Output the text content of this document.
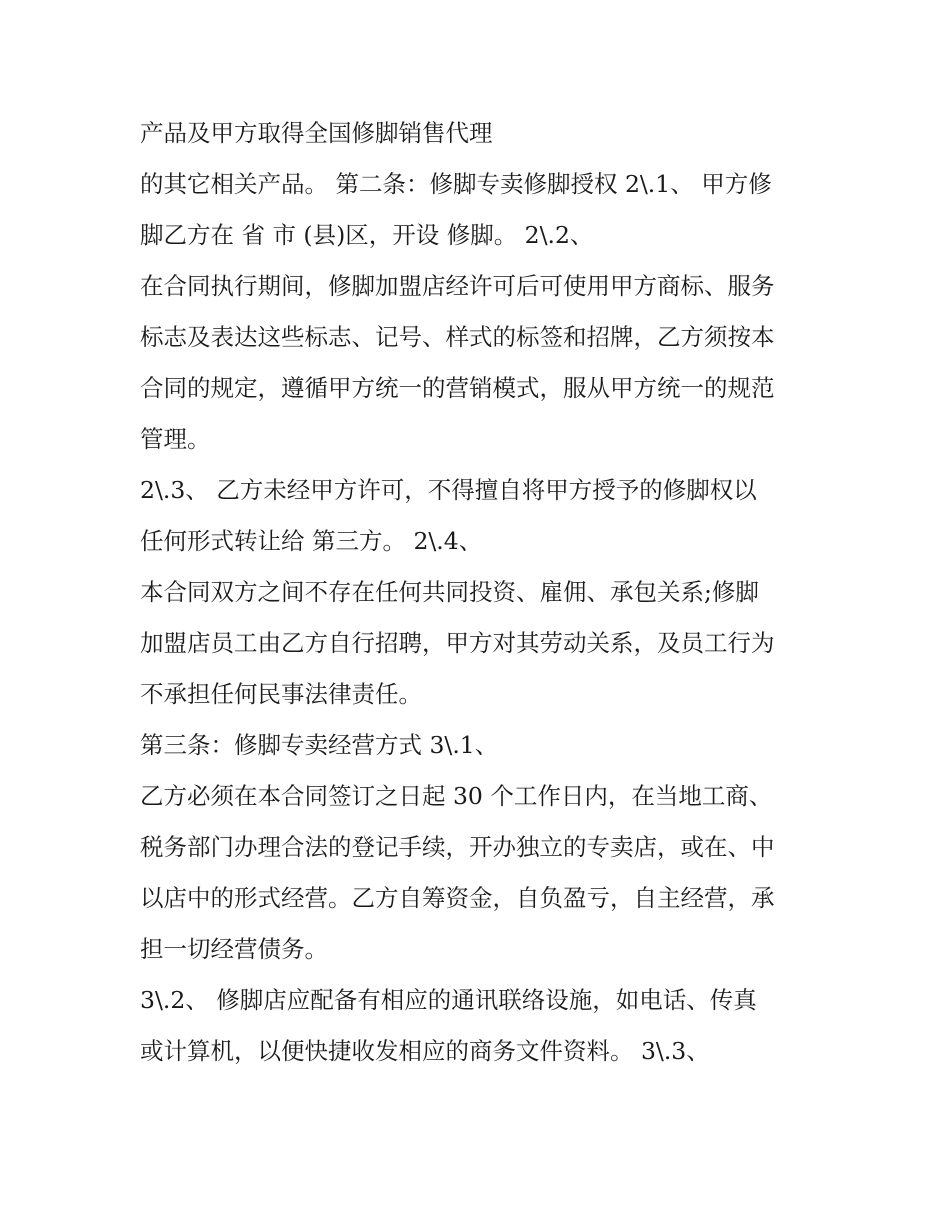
产品及甲方取得全国修脚销售代理
的其它相关产品。 第二条：修脚专卖修脚授权 2\.1、 甲方修
脚乙方在 省 市 (县)区，开设 修脚。 2\.2、
在合同执行期间，修脚加盟店经许可后可使用甲方商标、服务
标志及表达这些标志、记号、样式的标签和招牌，乙方须按本
合同的规定，遵循甲方统一的营销模式，服从甲方统一的规范
管理。
2\.3、 乙方未经甲方许可，不得擅自将甲方授予的修脚权以
任何形式转让给 第三方。 2\.4、
本合同双方之间不存在任何共同投资、雇佣、承包关系;修脚
加盟店员工由乙方自行招聘，甲方对其劳动关系，及员工行为
不承担任何民事法律责任。
第三条：修脚专卖经营方式 3\.1、
乙方必须在本合同签订之日起 30 个工作日内，在当地工商、
税务部门办理合法的登记手续，开办独立的专卖店，或在、中
以店中的形式经营。乙方自筹资金，自负盈亏，自主经营，承
担一切经营债务。
3\.2、 修脚店应配备有相应的通讯联络设施，如电话、传真
或计算机，以便快捷收发相应的商务文件资料。 3\.3、
